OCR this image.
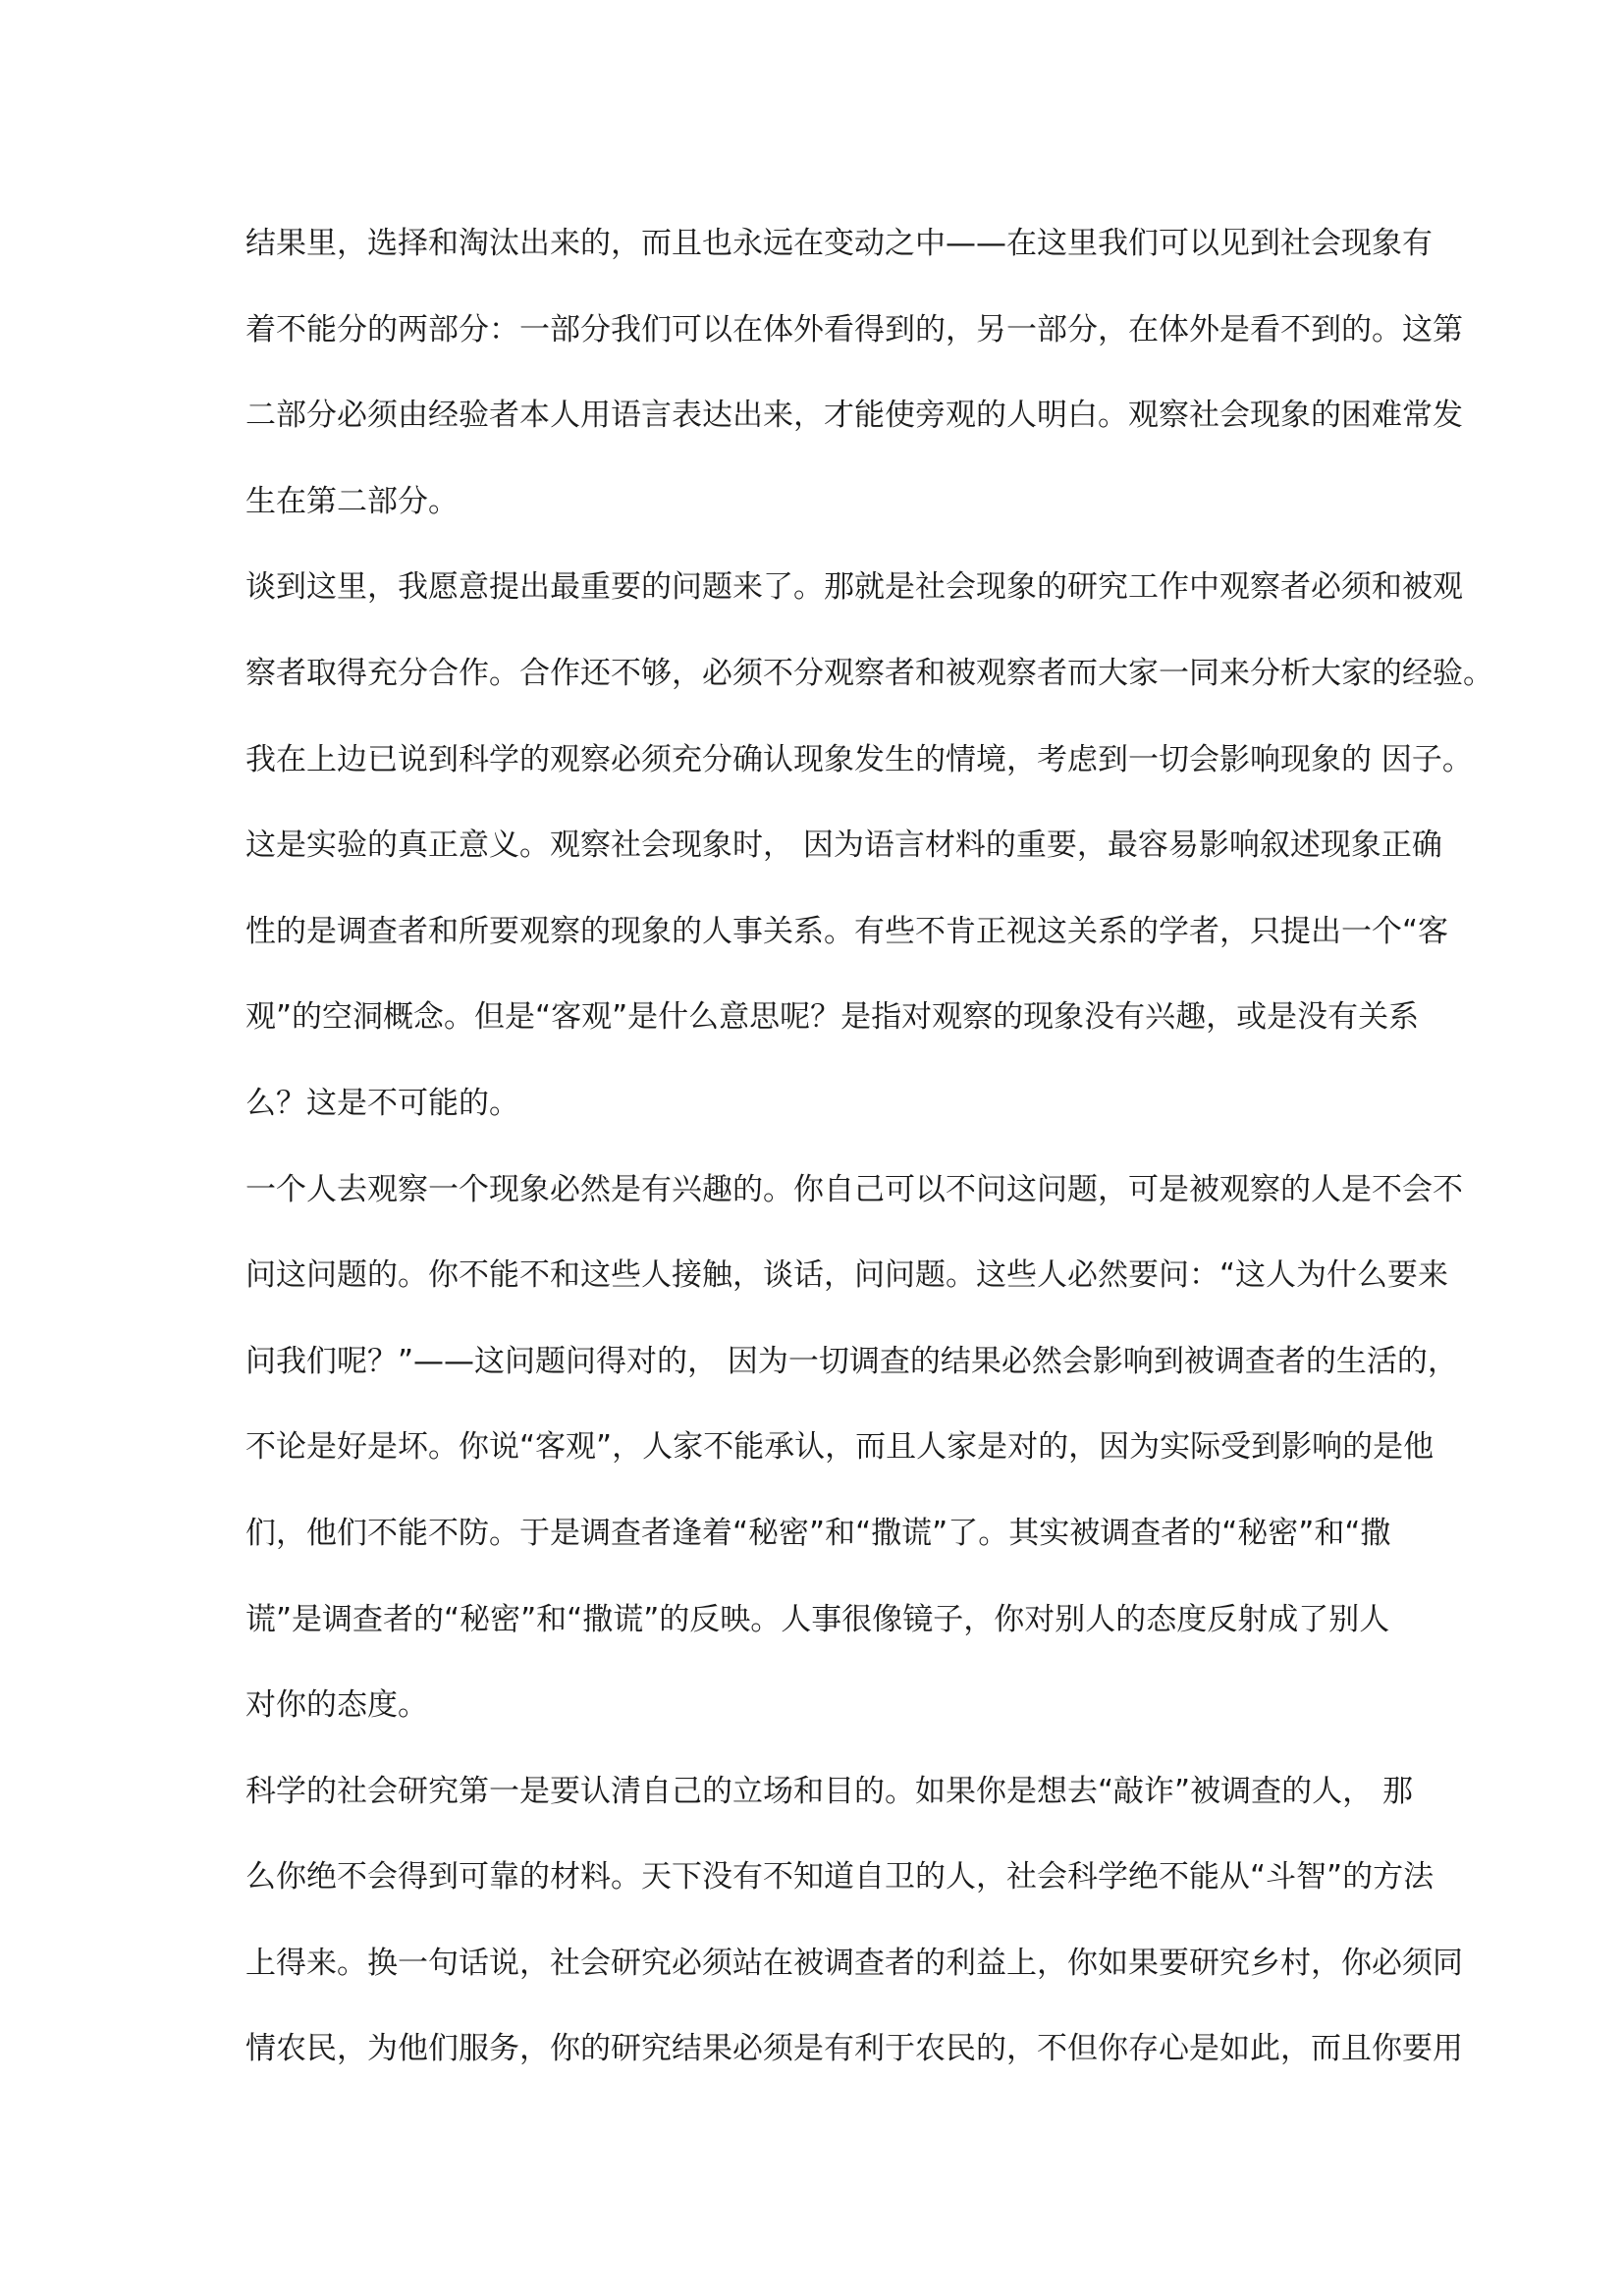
结果里，选择和淘汰出来的，而且也永远在变动之中——在这里我们可以见到社会现象有
着不能分的两部分：一部分我们可以在体外看得到的，另一部分，在体外是看不到的。这第
二部分必须由经验者本人用语言表达出来，才能使旁观的人明白。观察社会现象的困难常发
生在第二部分。
谈到这里，我愿意提出最重要的问题来了。那就是社会现象的研究工作中观察者必须和被观
察者取得充分合作。合作还不够，必须不分观察者和被观察者而大家一同来分析大家的经验。
我在上边已说到科学的观察必须充分确认现象发生的情境，考虑到一切会影响现象的 因子。
这是实验的真正意义。观察社会现象时， 因为语言材料的重要，最容易影响叙述现象正确
性的是调查者和所要观察的现象的人事关系。有些不肯正视这关系的学者，只提出一个“客
观”的空洞概念。但是“客观”是什么意思呢？是指对观察的现象没有兴趣，或是没有关系
么？这是不可能的。
一个人去观察一个现象必然是有兴趣的。你自己可以不问这问题，可是被观察的人是不会不
问这问题的。你不能不和这些人接触，谈话，问问题。这些人必然要问：“这人为什么要来
问我们呢？”——这问题问得对的， 因为一切调查的结果必然会影响到被调查者的生活的，
不论是好是坏。你说“客观”，人家不能承认，而且人家是对的，因为实际受到影响的是他
们，他们不能不防。于是调查者逢着“秘密”和“撒谎”了。其实被调查者的“秘密”和“撒
谎”是调查者的“秘密”和“撒谎”的反映。人事很像镜子，你对别人的态度反射成了别人
对你的态度。
科学的社会研究第一是要认清自己的立场和目的。如果你是想去“敲诈”被调查的人， 那
么你绝不会得到可靠的材料。天下没有不知道自卫的人，社会科学绝不能从“斗智”的方法
上得来。换一句话说，社会研究必须站在被调查者的利益上，你如果要研究乡村，你必须同
情农民，为他们服务，你的研究结果必须是有利于农民的，不但你存心是如此，而且你要用
